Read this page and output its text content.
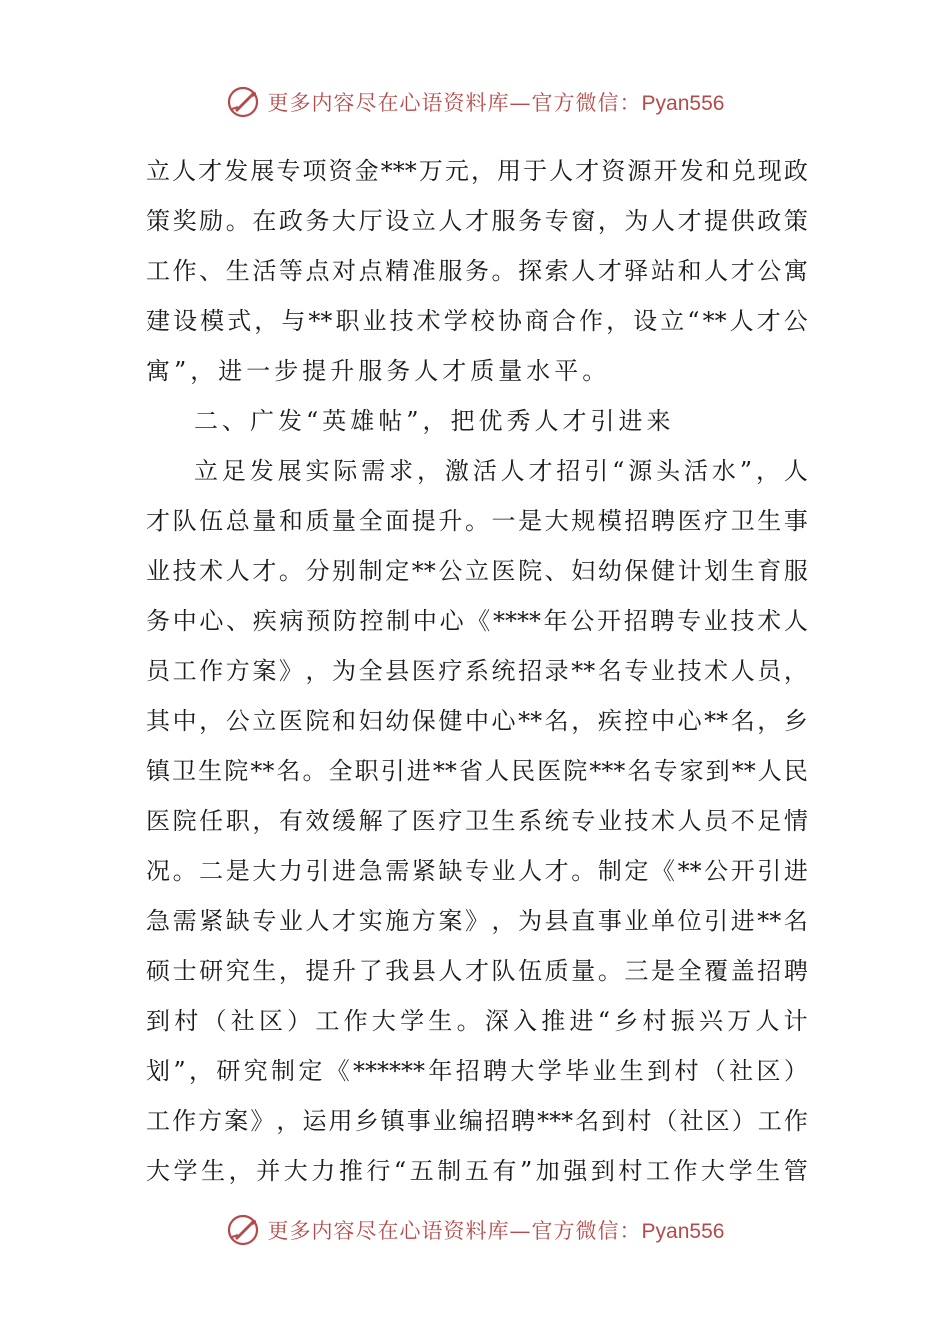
更多内容尽在心语资料库—官方微信：Pyan556
立 人 才 发 展 专 项 资 金 *** 万 元 ， 用 于 人 才 资 源 开 发 和 兑 现 政
策 奖 励 。 在 政 务 大 厅 设 立 人 才 服 务 专 窗 ， 为 人 才 提 供 政 策
工 作 、 生 活 等 点 对 点 精 准 服 务 。 探 索 人 才 驿 站 和 人 才 公 寓
建 设 模 式 ， 与 ** 职 业 技 术 学 校 协 商 合 作 ， 设 立 “ ** 人 才 公
寓”，进一步提升服务人才质量水平。
二、广发“英雄帖”，把优秀人才引进来
立 足 发 展 实 际 需 求 ， 激 活 人 才 招 引 “ 源 头 活 水 ” ， 人
才 队 伍 总 量 和 质 量 全 面 提 升 。 一 是 大 规 模 招 聘 医 疗 卫 生 事
业 技 术 人 才 。 分 别 制 定 ** 公 立 医 院 、 妇 幼 保 健 计 划 生 育 服
务 中 心 、 疾 病 预 防 控 制 中 心 《 **** 年 公 开 招 聘 专 业 技 术 人
员 工 作 方 案 》 ， 为 全 县 医 疗 系 统 招 录 ** 名 专 业 技 术 人 员 ，
其 中 ， 公 立 医 院 和 妇 幼 保 健 中 心 ** 名 ， 疾 控 中 心 ** 名 ， 乡
镇 卫 生 院 ** 名 。 全 职 引 进 ** 省 人 民 医 院 *** 名 专 家 到 ** 人 民
医 院 任 职 ， 有 效 缓 解 了 医 疗 卫 生 系 统 专 业 技 术 人 员 不 足 情
况 。 二 是 大 力 引 进 急 需 紧 缺 专 业 人 才 。 制 定 《 ** 公 开 引 进
急 需 紧 缺 专 业 人 才 实 施 方 案 》 ， 为 县 直 事 业 单 位 引 进 ** 名
硕 士 研 究 生 ， 提 升 了 我 县 人 才 队 伍 质 量 。 三 是 全 覆 盖 招 聘
到 村 （ 社 区 ） 工 作 大 学 生 。 深 入 推 进 “ 乡 村 振 兴 万 人 计
划 ” ， 研 究 制 定 《 ****** 年 招 聘 大 学 毕 业 生 到 村 （ 社 区 ）
工 作 方 案 》 ， 运 用 乡 镇 事 业 编 招 聘 *** 名 到 村 （ 社 区 ） 工 作
大 学 生 ， 并 大 力 推 行 “ 五 制 五 有 ” 加 强 到 村 工 作 大 学 生 管
更多内容尽在心语资料库—官方微信：Pyan556
